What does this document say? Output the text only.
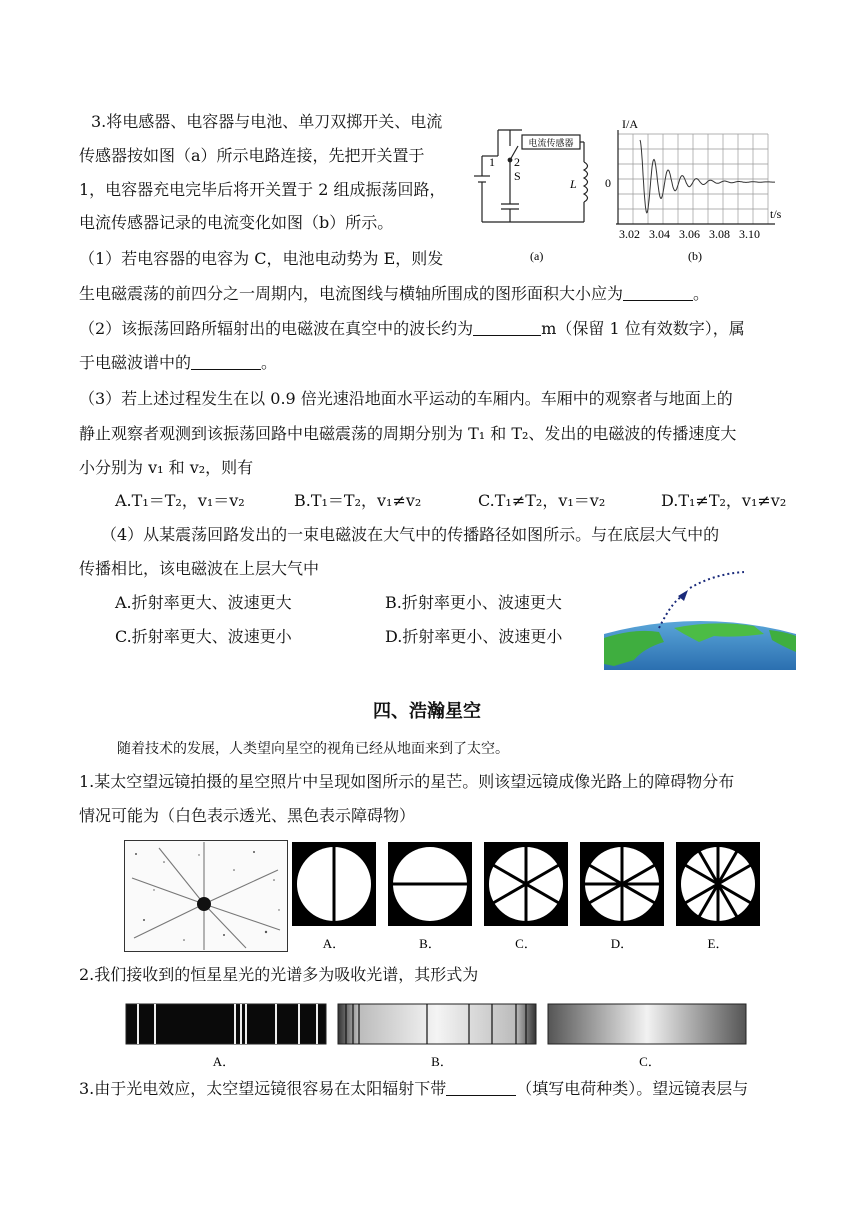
3.将电感器、电容器与电池、单刀双掷开关、电流
传感器按如图（a）所示电路连接，先把开关置于
1，电容器充电完毕后将开关置于 2 组成振荡回路，
电流传感器记录的电流变化如图（b）所示。
（1）若电容器的电容为 C，电池电动势为 E，则发
生电磁震荡的前四分之一周期内，电流图线与横轴所围成的图形面积大小应为	。
（2）该振荡回路所辐射出的电磁波在真空中的波长约为	m（保留 1 位有效数字），属
于电磁波谱中的	。
（3）若上述过程发生在以 0.9 倍光速沿地面水平运动的车厢内。车厢中的观察者与地面上的
静止观察者观测到该振荡回路中电磁震荡的周期分别为 T₁ 和 T₂、发出的电磁波的传播速度大
小分别为 v₁ 和 v₂，则有
A.T₁＝T₂，v₁＝v₂	B.T₁＝T₂，v₁≠v₂	C.T₁≠T₂，v₁＝v₂	D.T₁≠T₂，v₁≠v₂
（4）从某震荡回路发出的一束电磁波在大气中的传播路径如图所示。与在底层大气中的
传播相比，该电磁波在上层大气中
A.折射率更大、波速更大	B.折射率更小、波速更大
C.折射率更大、波速更小	D.折射率更小、波速更小
电流传感器
1 2
S
L
(a)
I/A
0
t/s
3.02 3.04 3.06 3.08 3.10
(b)
四、浩瀚星空
随着技术的发展，人类望向星空的视角已经从地面来到了太空。
1.某太空望远镜拍摄的星空照片中呈现如图所示的星芒。则该望远镜成像光路上的障碍物分布
情况可能为（白色表示透光、黑色表示障碍物）
A．	B．	C．	D．	E．
2.我们接收到的恒星星光的光谱多为吸收光谱，其形式为
A．	B．	C．
3.由于光电效应，太空望远镜很容易在太阳辐射下带	（填写电荷种类）。望远镜表层与
